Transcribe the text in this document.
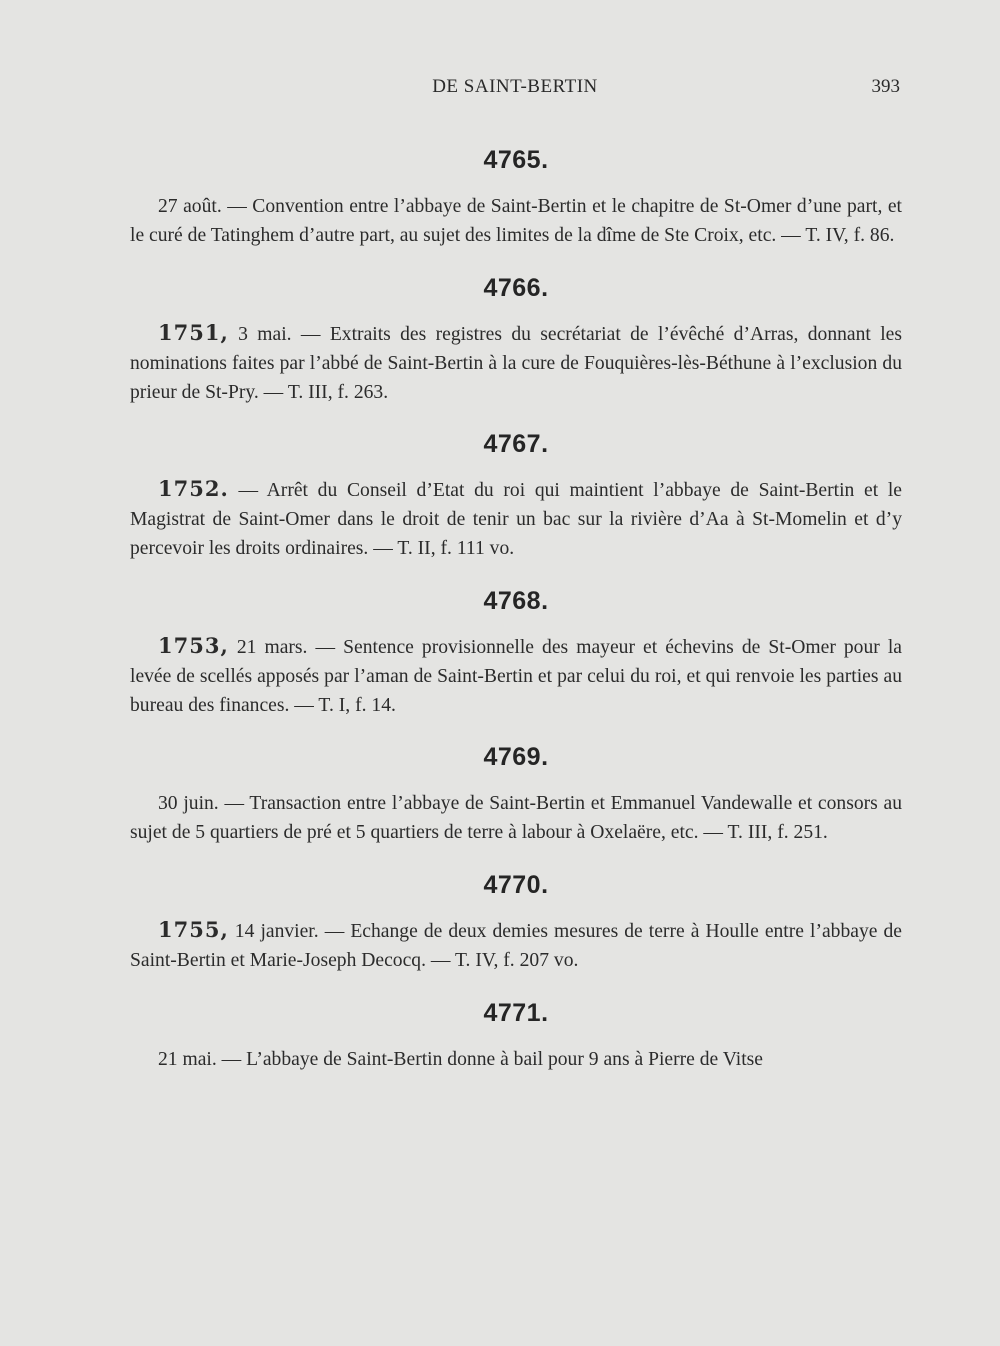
DE SAINT-BERTIN	393
4765.

27 août. — Convention entre l’abbaye de Saint-Bertin et le chapitre de St-Omer d’une part, et le curé de Tatinghem d’autre part, au sujet des limites de la dîme de Ste Croix, etc. — T. IV, f. 86.

4766.

1751, 3 mai. — Extraits des registres du secrétariat de l’évêché d’Arras, donnant les nominations faites par l’abbé de Saint-Bertin à la cure de Fouquières-lès-Béthune à l’exclusion du prieur de St-Pry. — T. III, f. 263.

4767.

1752. — Arrêt du Conseil d’Etat du roi qui maintient l’abbaye de Saint-Bertin et le Magistrat de Saint-Omer dans le droit de tenir un bac sur la rivière d’Aa à St-Momelin et d’y percevoir les droits ordinaires. — T. II, f. 111 vo.

4768.

1753, 21 mars. — Sentence provisionnelle des mayeur et échevins de St-Omer pour la levée de scellés apposés par l’aman de Saint-Bertin et par celui du roi, et qui renvoie les parties au bureau des finances. — T. I, f. 14.

4769.

30 juin. — Transaction entre l’abbaye de Saint-Bertin et Emmanuel Vandewalle et consors au sujet de 5 quartiers de pré et 5 quartiers de terre à labour à Oxelaëre, etc. — T. III, f. 251.

4770.

1755, 14 janvier. — Echange de deux demies mesures de terre à Houlle entre l’abbaye de Saint-Bertin et Marie-Joseph Decocq. — T. IV, f. 207 vo.

4771.

21 mai. — L’abbaye de Saint-Bertin donne à bail pour 9 ans à Pierre de Vitse
